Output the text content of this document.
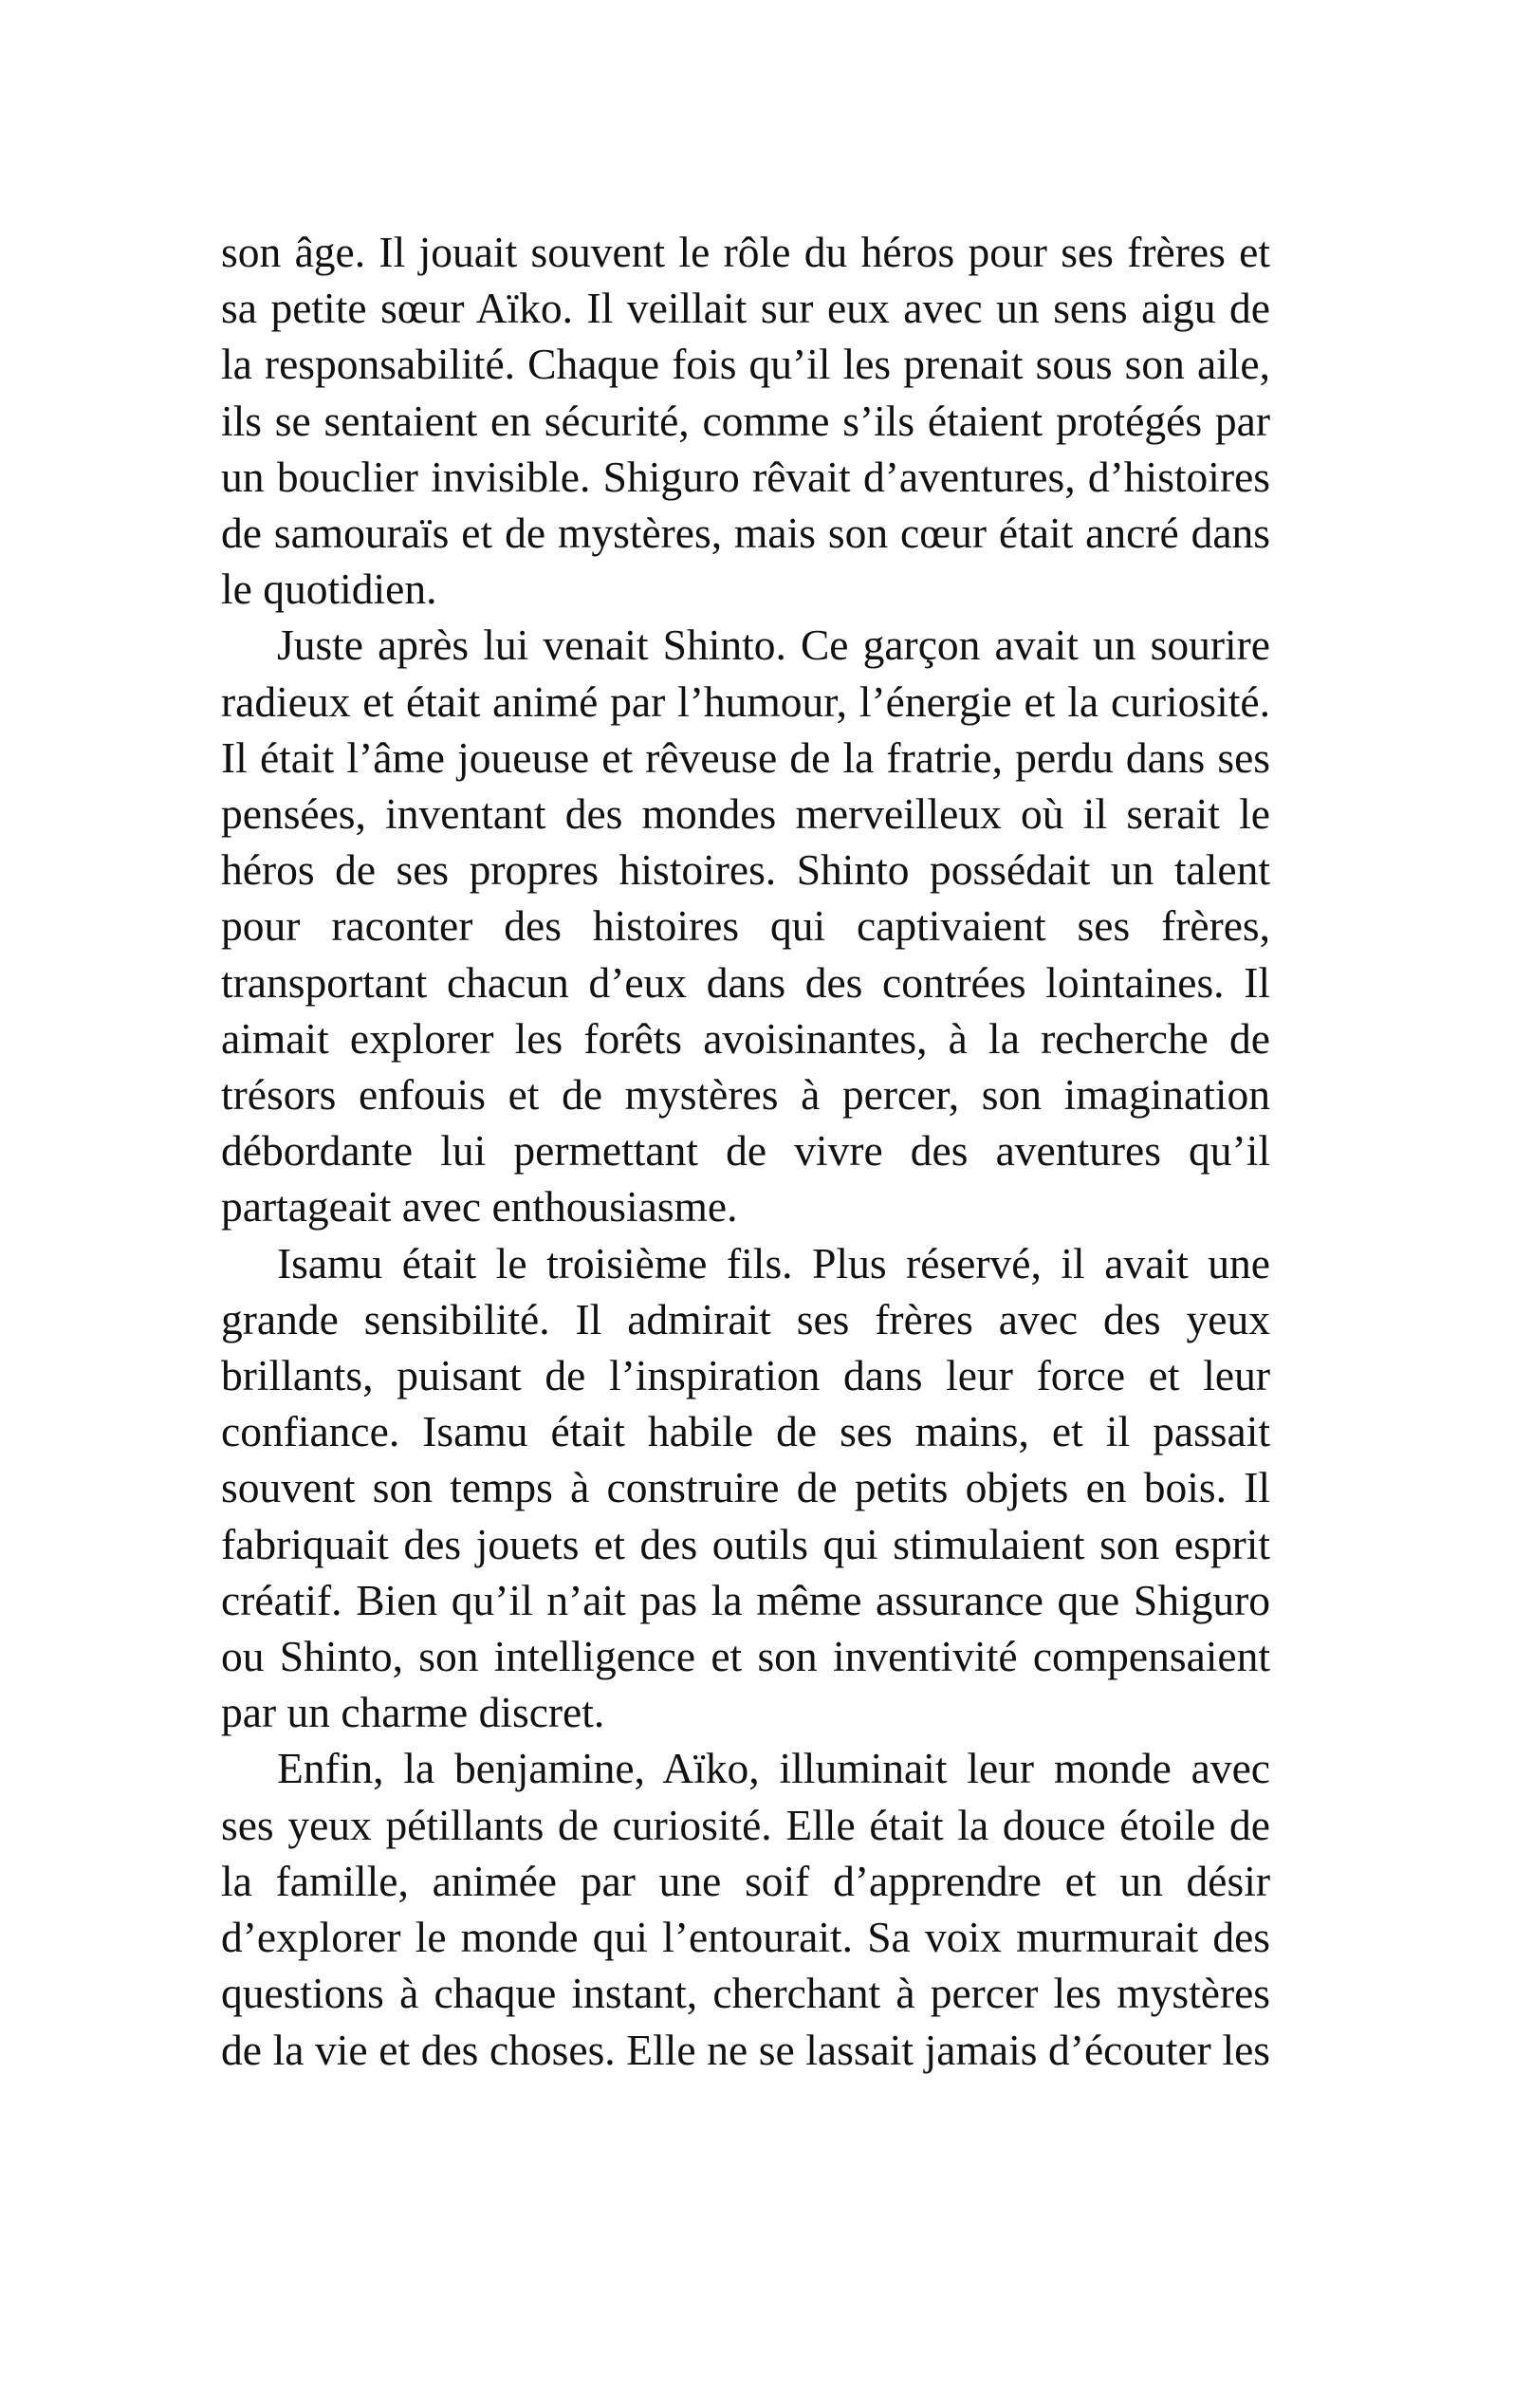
son âge. Il jouait souvent le rôle du héros pour ses frères et sa petite sœur Aïko. Il veillait sur eux avec un sens aigu de la responsabilité. Chaque fois qu’il les prenait sous son aile, ils se sentaient en sécurité, comme s’ils étaient protégés par un bouclier invisible. Shiguro rêvait d’aventures, d’histoires de samouraïs et de mystères, mais son cœur était ancré dans le quotidien.

Juste après lui venait Shinto. Ce garçon avait un sourire radieux et était animé par l’humour, l’énergie et la curiosité. Il était l’âme joueuse et rêveuse de la fratrie, perdu dans ses pensées, inventant des mondes merveilleux où il serait le héros de ses propres histoires. Shinto possédait un talent pour raconter des histoires qui captivaient ses frères, transportant chacun d’eux dans des contrées lointaines. Il aimait explorer les forêts avoisinantes, à la recherche de trésors enfouis et de mystères à percer, son imagination débordante lui permettant de vivre des aventures qu’il partageait avec enthousiasme.

Isamu était le troisième fils. Plus réservé, il avait une grande sensibilité. Il admirait ses frères avec des yeux brillants, puisant de l’inspiration dans leur force et leur confiance. Isamu était habile de ses mains, et il passait souvent son temps à construire de petits objets en bois. Il fabriquait des jouets et des outils qui stimulaient son esprit créatif. Bien qu’il n’ait pas la même assurance que Shiguro ou Shinto, son intelligence et son inventivité compensaient par un charme discret.

Enfin, la benjamine, Aïko, illuminait leur monde avec ses yeux pétillants de curiosité. Elle était la douce étoile de la famille, animée par une soif d’apprendre et un désir d’explorer le monde qui l’entourait. Sa voix murmurait des questions à chaque instant, cherchant à percer les mystères de la vie et des choses. Elle ne se lassait jamais d’écouter les
